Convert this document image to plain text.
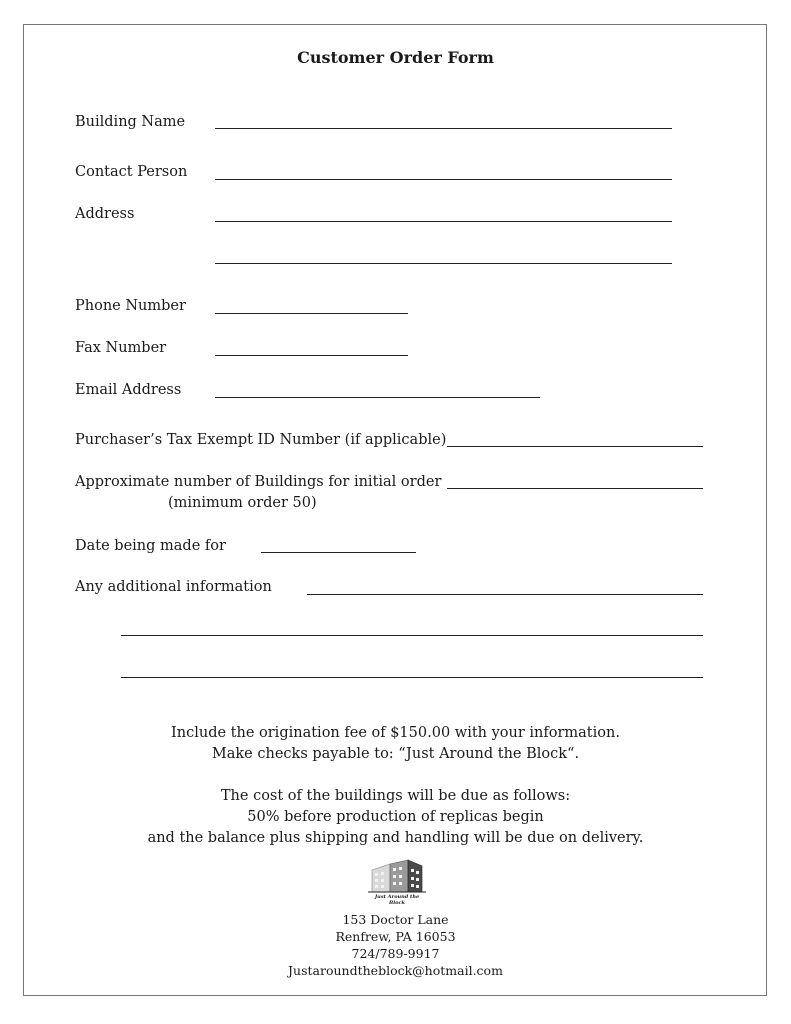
Customer Order Form
Building Name
Contact Person
Address
Phone Number
Fax Number
Email Address
Purchaser’s Tax Exempt ID Number (if applicable)
Approximate number of Buildings for initial order
(minimum order 50)
Date being made for
Any additional information
Include the origination fee of $150.00 with your information.
Make checks payable to: “Just Around the Block“.
The cost of the buildings will be due as follows:
50% before production of replicas begin
and the balance plus shipping and handling will be due on delivery.
Just Around the Block
153 Doctor Lane
Renfrew, PA 16053
724/789-9917
Justaroundtheblock@hotmail.com
